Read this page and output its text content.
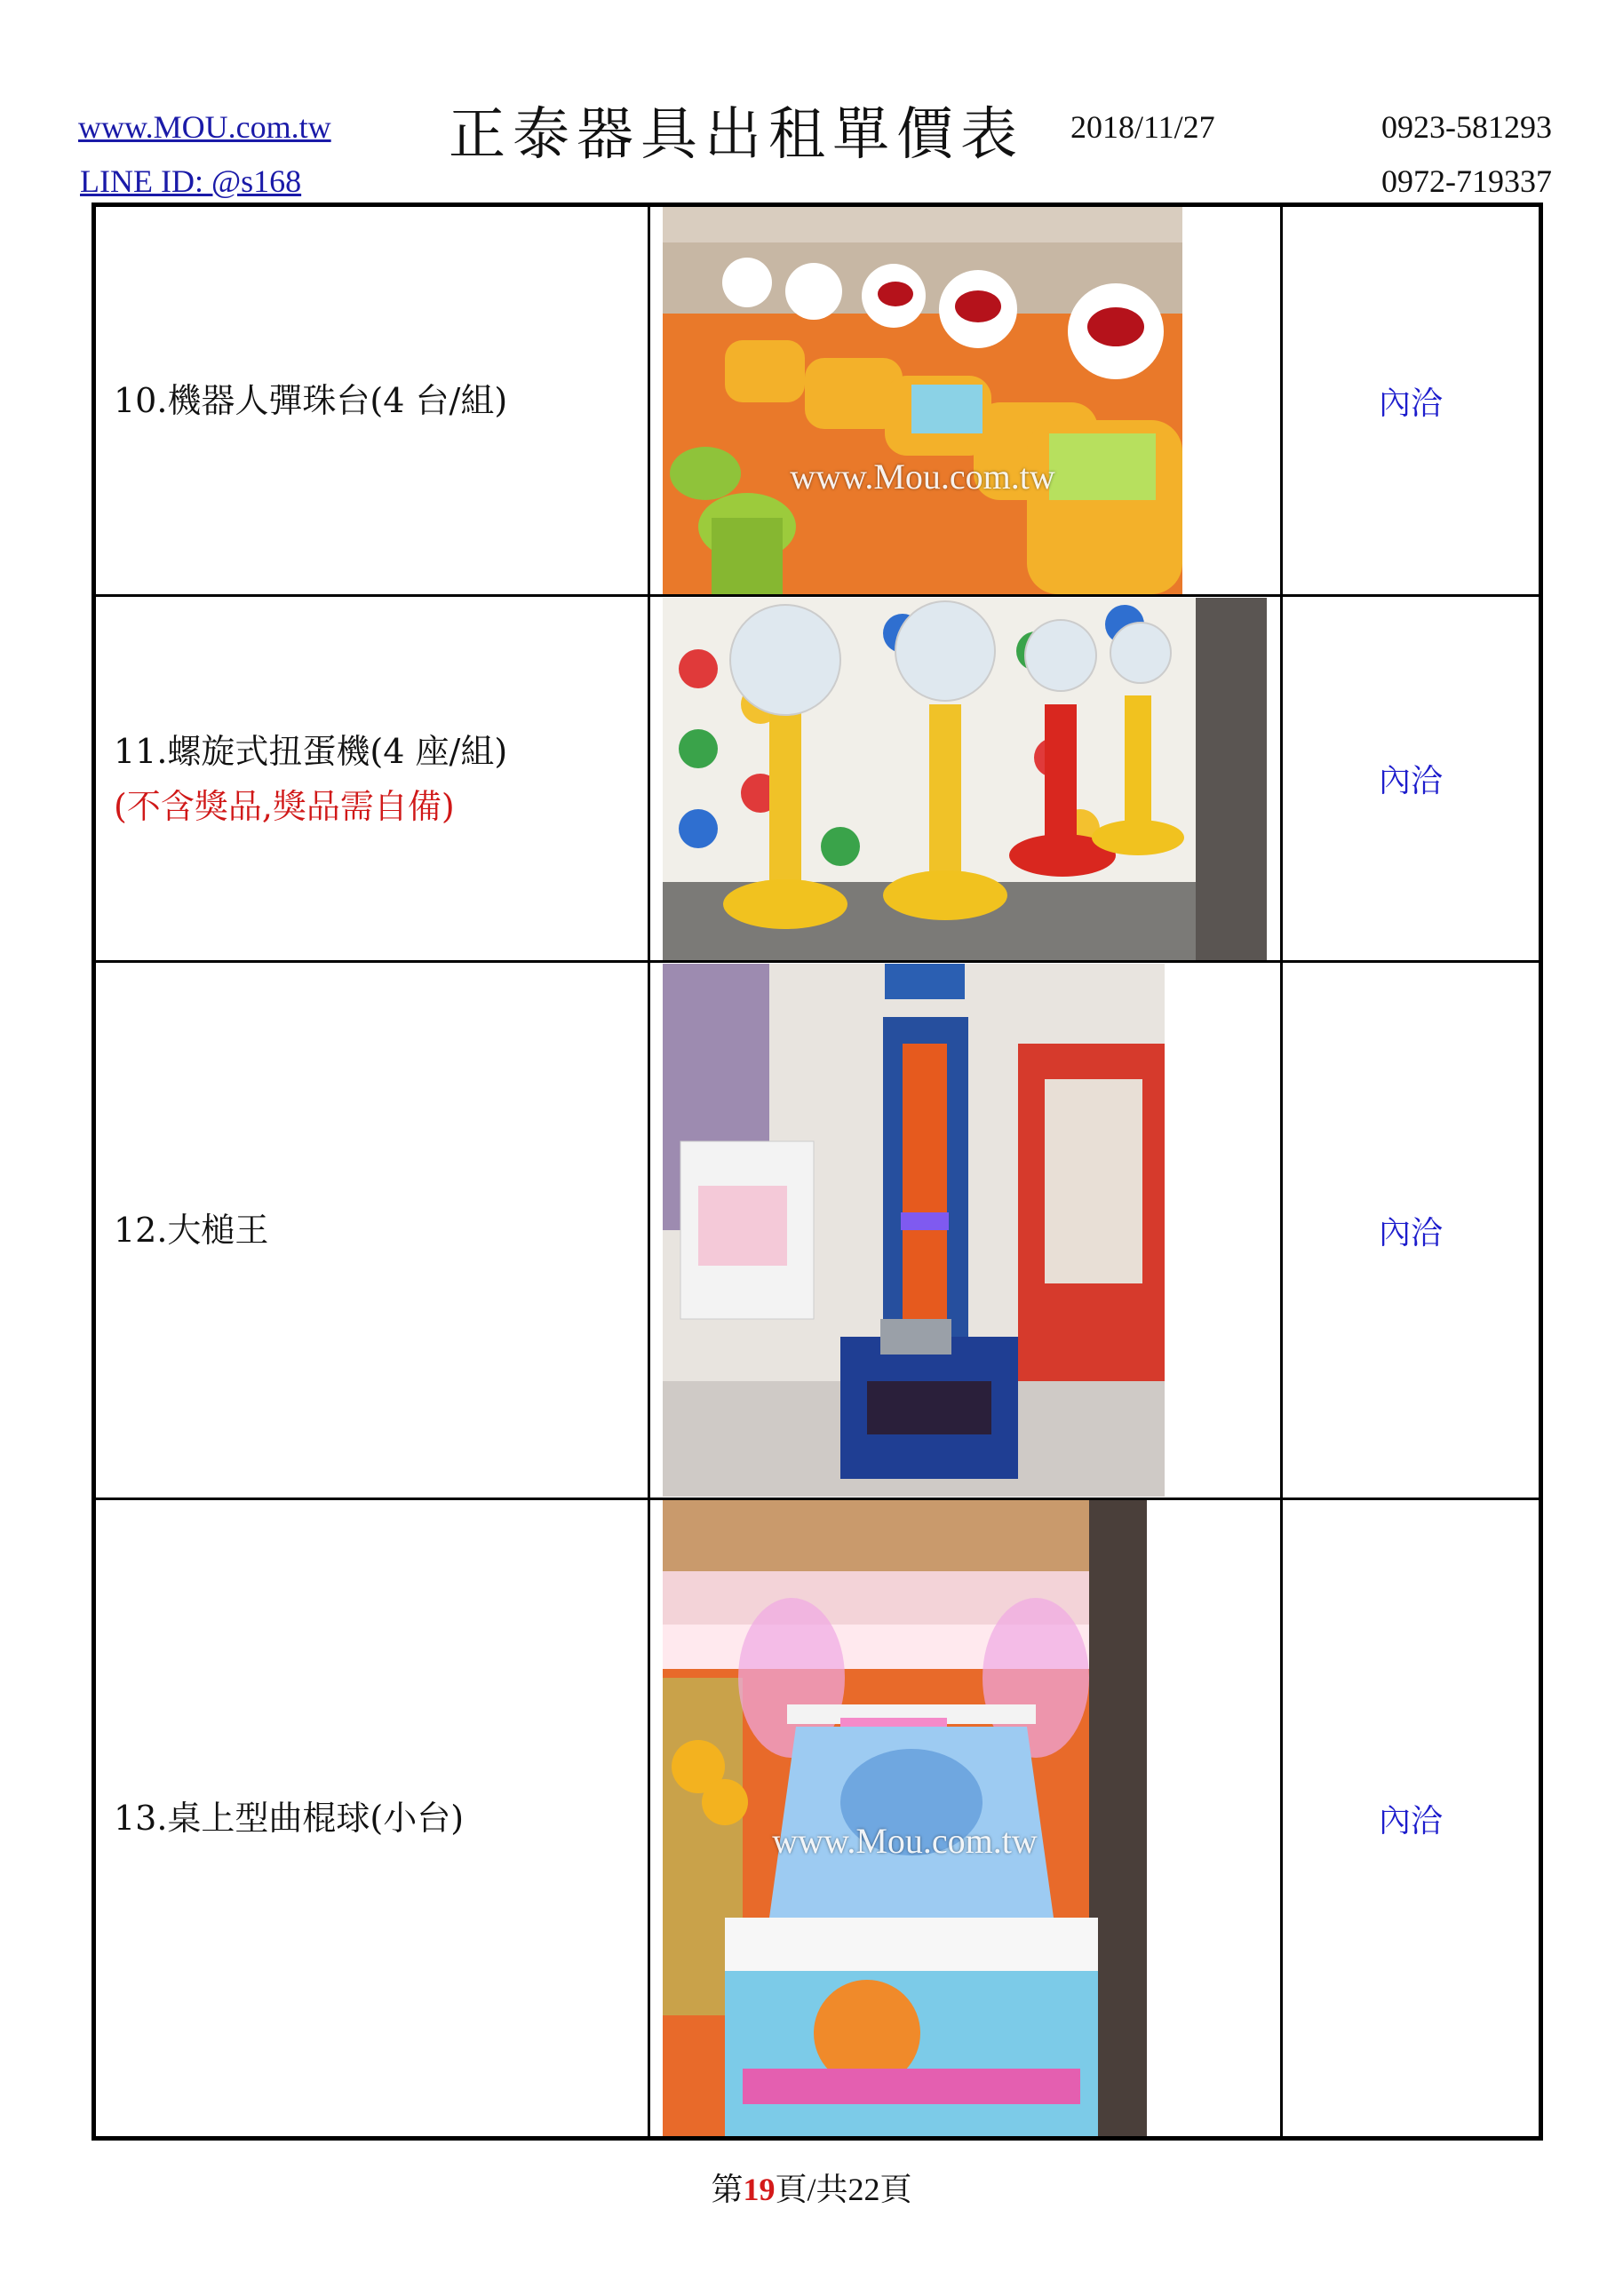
www.MOU.com.tw
LINE ID: @s168
正泰器具出租單價表 2018/11/27	0923-581293
0972-719337
10.機器人彈珠台(4 台/組)	www.Mou.com.tw	內洽

11.螺旋式扭蛋機(4 座/組)
(不含獎品,獎品需自備)		內洽

12.大槌王		內洽

13.桌上型曲棍球(小台)	www.Mou.com.tw	內洽
第19頁/共22頁
